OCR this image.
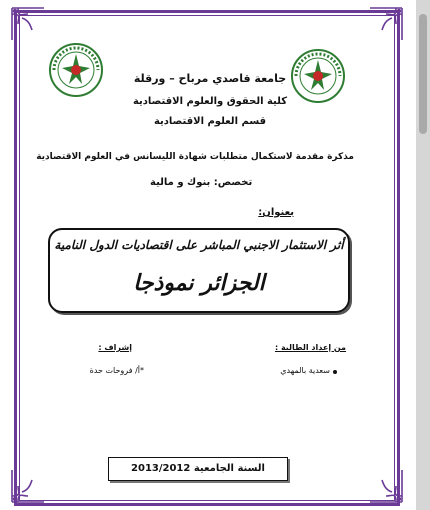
جامعة قاصدي مرباح – ورقلة
كلية الحقوق والعلوم الاقتصادية
قسم العلوم الاقتصادية
مذكرة مقدمة لاستكمال متطلبات شهادة الليسانس في العلوم الاقتصادية
تخصص: بنوك و مالية
بعنوان:
أثر الاستثمار الاجنبي المباشر على اقتصاديات الدول النامية
الجزائر نموذجا
من إعداد الطالبة :
إشراف :
سعدية بالمهدي
*أ/ فروحات حدة
السنة الجامعية 2013/2012
